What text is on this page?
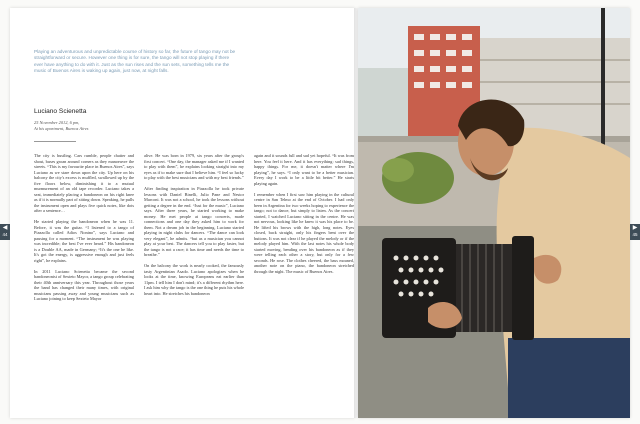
Playing an adventurous and unpredictable course of history so far, the future of tango may not be straightforward or secure. However one thing is for sure, the tango will not stop playing if there ever have anything to do with it. Just as the sun rises and the sun sets, something tells me the music of Buenos Aires is waking up again, just now, at night falls.
Luciano Scienetta
25 November 2012, 6 pm,
At his apartment, Buenos Aires

The city is bustling. Cars rumble, people chatter and shout, buses groan around corners as they manoeuvre the streets. “This is my favourite place in Buenos Aires”, says Luciano as we stare down upon the city. Up here on his balcony the city's excess is muffled, swallowed up by the five floors below, diminishing it to a mutual murmurement of an old tape recorder. Luciano takes a seat, immediately placing a bandoneon on his right knee as if it is normally part of sitting down. Speaking, he pulls the instrument open and plays five quick notes, like dots after a sentence…

He started playing the bandoneon when he was 11. Before, it was the guitar. “I listened to a tango of Piazzolla called Adios Nonino”, says Luciano and pausing for a moment. “The instrument he was playing was incredible; the best I've ever heard.” His bandoneon is a Double AA, made in Germany; “It's the one he like. It's got the energy, is aggressive enough and just feels right”, he explains.

In 2011 Luciano Scienetta became the second bandoneonist of Sexteto Mayor, a tango group celebrating their 40th anniversary this year. Throughout those years the band has changed their many times, with original musicians passing away and young musicians such as Luciano joining to keep Sexteto Mayor

alive. He was born in 1979, six years after the group's first concert. “One day, the manager asked me if I wanted to play with them”, he explains looking straight into my eyes as if to make sure that I believe him. “I feel so lucky to play with the best musicians and with my best friends.”

After finding inspiration in Piazzolla he took private lessons with Daniel Binelli, Julio Pane and Nestor Marconi. It was not a school, he took the lessons without getting a degree in the end. “Just for the music”, Luciano says. After three years, he started working to make money. He met people at tango concerts, made connections and one day they asked him to work for them. Not a dream job in the beginning, Luciano started playing in night clubs for dancers. “The dance can look very elegant”, he admits. “but as a musician you cannot play at your best. The dancers tell you to play faster, but the tango is not a race; it has time and needs the time to breathe.”

On the balcony the work is nearly cooked, the famously tasty Argentinian Asado. Luciano apologizes when he looks at the time, knowing Europeans eat earlier than 11pm. I tell him I don't mind; it's a different rhythm here. I ask him why the tango is the one thing he puts his whole heart into. He stretches his bandoneon

again and it sounds full and sad yet hopeful. “It was from here. You feel it here. And it has everything: sad things, happy things. For me, it doesn't matter where I'm playing”, he says. “I only want to be a better musician. Every day I work to be a little bit better.” He starts playing again.

I remember when I first saw him playing in the cultural centre in San Telmo at the end of October. I had only been in Argentina for two weeks hoping to experience the tango; not to dance, but simply to listen. As the concert started, I watched Luciano sitting in the centre. He was not nervous, looking like he knew it was his place to be. He lifted his brows with the high, long notes. Eyes closed, back straight, only his fingers bent over the buttons. It was not clear if he played the melody or if the melody played him. With the last notes his whole body started moving, bending over his bandoneon as if they were telling each other a story, but only for a few seconds. He rose. The clothes cheered, the bass moaned, another note on the piano, the bandoneon stretched through the night. The music of Buenos Aires.

◀
44
▶
45
